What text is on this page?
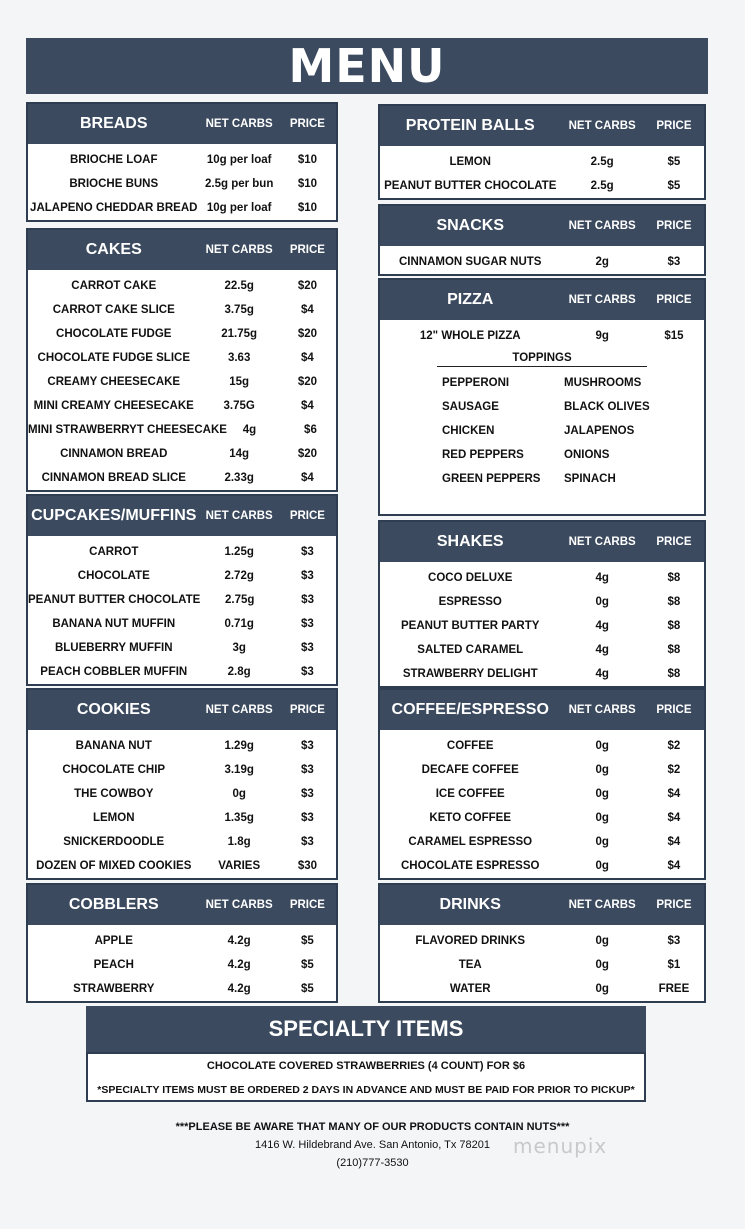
MENU
BREADS	NET CARBS	PRICE
BRIOCHE LOAF	10g per loaf	$10
BRIOCHE BUNS	2.5g per bun	$10
JALAPENO CHEDDAR BREAD 10g per loaf	$10
CAKES	NET CARBS	PRICE
CARROT CAKE	22.5g	$20
CARROT CAKE SLICE	3.75g	$4
CHOCOLATE FUDGE	21.75g	$20
CHOCOLATE FUDGE SLICE	3.63	$4
CREAMY CHEESECAKE	15g	$20
MINI CREAMY CHEESECAKE	3.75G	$4
MINI STRAWBERRYT CHEESECAKE	4g	$6
CINNAMON BREAD	14g	$20
CINNAMON BREAD SLICE	2.33g	$4
CUPCAKES/MUFFINS NET CARBS	PRICE
CARROT	1.25g	$3
CHOCOLATE	2.72g	$3
PEANUT BUTTER CHOCOLATE	2.75g	$3
BANANA NUT MUFFIN	0.71g	$3
BLUEBERRY MUFFIN	3g	$3
PEACH COBBLER MUFFIN	2.8g	$3
COOKIES	NET CARBS	PRICE
BANANA NUT	1.29g	$3
CHOCOLATE CHIP	3.19g	$3
THE COWBOY	0g	$3
LEMON	1.35g	$3
SNICKERDOODLE	1.8g	$3
DOZEN OF MIXED COOKIES	VARIES	$30
COBBLERS	NET CARBS	PRICE
APPLE	4.2g	$5
PEACH	4.2g	$5
STRAWBERRY	4.2g	$5
PROTEIN BALLS	NET CARBS	PRICE
LEMON	2.5g	$5
PEANUT BUTTER CHOCOLATE	2.5g	$5
SNACKS	NET CARBS	PRICE
CINNAMON SUGAR NUTS	2g	$3
PIZZA	NET CARBS	PRICE
12" WHOLE PIZZA	9g	$15
TOPPINGS
PEPPERONI	MUSHROOMS
SAUSAGE	BLACK OLIVES
CHICKEN	JALAPENOS
RED PEPPERS	ONIONS
GREEN PEPPERS	SPINACH
SHAKES	NET CARBS	PRICE
COCO DELUXE	4g	$8
ESPRESSO	0g	$8
PEANUT BUTTER PARTY	4g	$8
SALTED CARAMEL	4g	$8
STRAWBERRY DELIGHT	4g	$8
COFFEE/ESPRESSO	NET CARBS	PRICE
COFFEE	0g	$2
DECAFE COFFEE	0g	$2
ICE COFFEE	0g	$4
KETO COFFEE	0g	$4
CARAMEL ESPRESSO	0g	$4
CHOCOLATE ESPRESSO	0g	$4
DRINKS	NET CARBS	PRICE
FLAVORED DRINKS	0g	$3
TEA	0g	$1
WATER	0g	FREE
SPECIALTY ITEMS
CHOCOLATE COVERED STRAWBERRIES (4 COUNT) FOR $6
*SPECIALTY ITEMS MUST BE ORDERED 2 DAYS IN ADVANCE AND MUST BE PAID FOR PRIOR TO PICKUP*
***PLEASE BE AWARE THAT MANY OF OUR PRODUCTS CONTAIN NUTS***
1416 W. Hildebrand Ave. San Antonio, Tx 78201
(210)777-3530
menupix
